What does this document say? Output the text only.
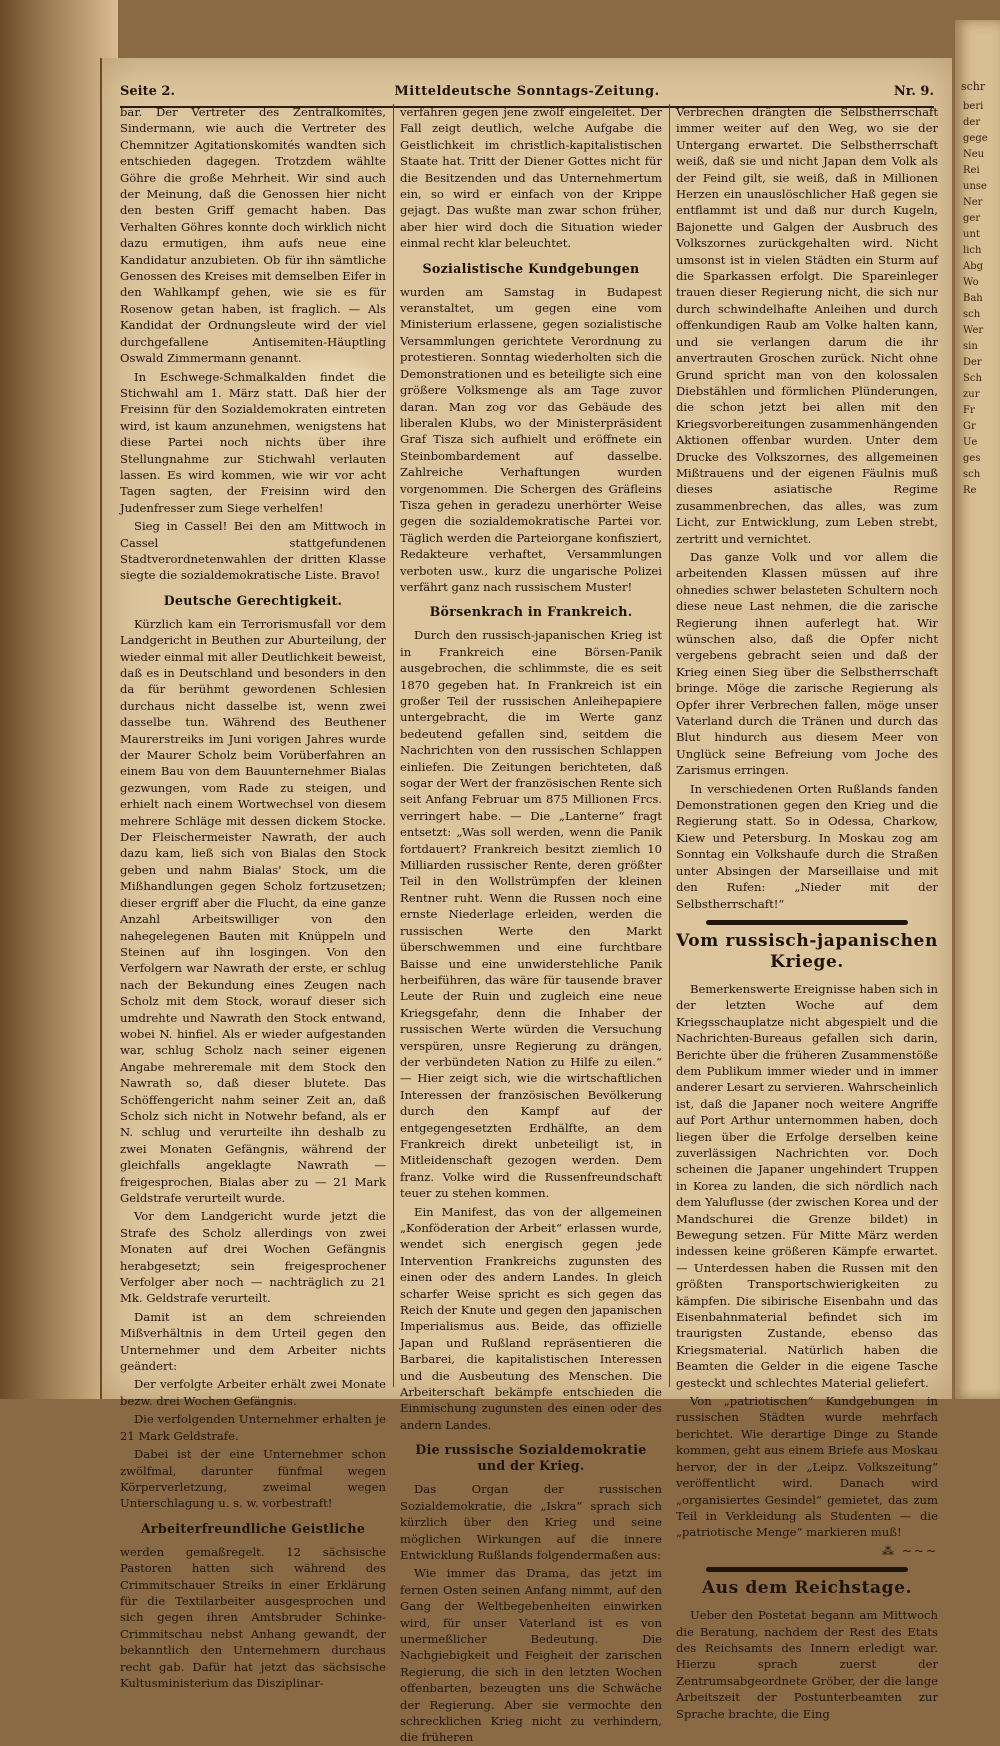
Seite 2.	Mitteldeutsche Sonntags-Zeitung.	Nr. 9.

bar. Der Vertreter des Zentralkomités, Sindermann, wie auch die Vertreter des Chemnitzer Agitationskomités wandten sich entschieden dagegen. Trotzdem wählte Göhre die große Mehrheit. Wir sind auch der Meinung, daß die Genossen hier nicht den besten Griff gemacht haben. Das Verhalten Göhres konnte doch wirklich nicht dazu ermutigen, ihm aufs neue eine Kandidatur anzubieten. Ob für ihn sämtliche Genossen des Kreises mit demselben Eifer in den Wahlkampf gehen, wie sie es für Rosenow getan haben, ist fraglich. — Als Kandidat der Ordnungsleute wird der viel durchgefallene Antisemiten-Häuptling Oswald Zimmermann genannt.

In Eschwege-Schmalkalden findet die Stichwahl am 1. März statt. Daß hier der Freisinn für den Sozialdemokraten eintreten wird, ist kaum anzunehmen, wenigstens hat diese Partei noch nichts über ihre Stellungnahme zur Stichwahl verlauten lassen. Es wird kommen, wie wir vor acht Tagen sagten, der Freisinn wird den Judenfresser zum Siege verhelfen!

Sieg in Cassel! Bei den am Mittwoch in Cassel stattgefundenen Stadtverordnetenwahlen der dritten Klasse siegte die sozialdemokratische Liste. Bravo!

Deutsche Gerechtigkeit.

Kürzlich kam ein Terrorismusfall vor dem Landgericht in Beuthen zur Aburteilung, der wieder einmal mit aller Deutlichkeit beweist, daß es in Deutschland und besonders in den da für berühmt gewordenen Schlesien durchaus nicht dasselbe ist, wenn zwei dasselbe tun. Während des Beuthener Maurerstreiks im Juni vorigen Jahres wurde der Maurer Scholz beim Vorüberfahren an einem Bau von dem Bauunternehmer Bialas gezwungen, vom Rade zu steigen, und erhielt nach einem Wortwechsel von diesem mehrere Schläge mit dessen dickem Stocke. Der Fleischermeister Nawrath, der auch dazu kam, ließ sich von Bialas den Stock geben und nahm Bialas' Stock, um die Mißhandlungen gegen Scholz fortzusetzen; dieser ergriff aber die Flucht, da eine ganze Anzahl Arbeitswilliger von den nahegelegenen Bauten mit Knüppeln und Steinen auf ihn losgingen. Von den Verfolgern war Nawrath der erste, er schlug nach der Bekundung eines Zeugen nach Scholz mit dem Stock, worauf dieser sich umdrehte und Nawrath den Stock entwand, wobei N. hinfiel. Als er wieder aufgestanden war, schlug Scholz nach seiner eigenen Angabe mehreremale mit dem Stock den Nawrath so, daß dieser blutete. Das Schöffengericht nahm seiner Zeit an, daß Scholz sich nicht in Notwehr befand, als er N. schlug und verurteilte ihn deshalb zu zwei Monaten Gefängnis, während der gleichfalls angeklagte Nawrath — freigesprochen, Bialas aber zu — 21 Mark Geldstrafe verurteilt wurde.

Vor dem Landgericht wurde jetzt die Strafe des Scholz allerdings von zwei Monaten auf drei Wochen Gefängnis herabgesetzt; sein freigesprochener Verfolger aber noch — nachträglich zu 21 Mk. Geldstrafe verurteilt.

Damit ist an dem schreienden Mißverhältnis in dem Urteil gegen den Unternehmer und dem Arbeiter nichts geändert:

Der verfolgte Arbeiter erhält zwei Monate bezw. drei Wochen Gefängnis.

Die verfolgenden Unternehmer erhalten je 21 Mark Geldstrafe.

Dabei ist der eine Unternehmer schon zwölfmal, darunter fünfmal wegen Körperverletzung, zweimal wegen Unterschlagung u. s. w. vorbestraft!

Arbeiterfreundliche Geistliche

werden gemaßregelt. 12 sächsische Pastoren hatten sich während des Crimmitschauer Streiks in einer Erklärung für die Textilarbeiter ausgesprochen und sich gegen ihren Amtsbruder Schinke-Crimmitschau nebst Anhang gewandt, der bekanntlich den Unternehmern durchaus recht gab. Dafür hat jetzt das sächsische Kultusministerium das Disziplinar-

verfahren gegen jene zwölf eingeleitet. Der Fall zeigt deutlich, welche Aufgabe die Geistlichkeit im christlich-kapitalistischen Staate hat. Tritt der Diener Gottes nicht für die Besitzenden und das Unternehmertum ein, so wird er einfach von der Krippe gejagt. Das wußte man zwar schon früher, aber hier wird doch die Situation wieder einmal recht klar beleuchtet.

Sozialistische Kundgebungen

wurden am Samstag in Budapest veranstaltet, um gegen eine vom Ministerium erlassene, gegen sozialistische Versammlungen gerichtete Verordnung zu protestieren. Sonntag wiederholten sich die Demonstrationen und es beteiligte sich eine größere Volksmenge als am Tage zuvor daran. Man zog vor das Gebäude des liberalen Klubs, wo der Ministerpräsident Graf Tisza sich aufhielt und eröffnete ein Steinbombardement auf dasselbe. Zahlreiche Verhaftungen wurden vorgenommen. Die Schergen des Gräfleins Tisza gehen in geradezu unerhörter Weise gegen die sozialdemokratische Partei vor. Täglich werden die Parteiorgane konfisziert, Redakteure verhaftet, Versammlungen verboten usw., kurz die ungarische Polizei verfährt ganz nach russischem Muster!

Börsenkrach in Frankreich.

Durch den russisch-japanischen Krieg ist in Frankreich eine Börsen-Panik ausgebrochen, die schlimmste, die es seit 1870 gegeben hat. In Frankreich ist ein großer Teil der russischen Anleihepapiere untergebracht, die im Werte ganz bedeutend gefallen sind, seitdem die Nachrichten von den russischen Schlappen einliefen. Die Zeitungen berichteten, daß sogar der Wert der französischen Rente sich seit Anfang Februar um 875 Millionen Frcs. verringert habe. — Die „Lanterne“ fragt entsetzt: „Was soll werden, wenn die Panik fortdauert? Frankreich besitzt ziemlich 10 Milliarden russischer Rente, deren größter Teil in den Wollstrümpfen der kleinen Rentner ruht. Wenn die Russen noch eine ernste Niederlage erleiden, werden die russischen Werte den Markt überschwemmen und eine furchtbare Baisse und eine unwiderstehliche Panik herbeiführen, das wäre für tausende braver Leute der Ruin und zugleich eine neue Kriegsgefahr, denn die Inhaber der russischen Werte würden die Versuchung verspüren, unsre Regierung zu drängen, der verbündeten Nation zu Hilfe zu eilen.“ — Hier zeigt sich, wie die wirtschaftlichen Interessen der französischen Bevölkerung durch den Kampf auf der entgegengesetzten Erdhälfte, an dem Frankreich direkt unbeteiligt ist, in Mitleidenschaft gezogen werden. Dem franz. Volke wird die Russenfreundschaft teuer zu stehen kommen.

Ein Manifest, das von der allgemeinen „Konföderation der Arbeit“ erlassen wurde, wendet sich energisch gegen jede Intervention Frankreichs zugunsten des einen oder des andern Landes. In gleich scharfer Weise spricht es sich gegen das Reich der Knute und gegen den japanischen Imperialismus aus. Beide, das offizielle Japan und Rußland repräsentieren die Barbarei, die kapitalistischen Interessen und die Ausbeutung des Menschen. Die Arbeiterschaft bekämpfe entschieden die Einmischung zugunsten des einen oder des andern Landes.

Die russische Sozialdemokratie und der Krieg.

Das Organ der russischen Sozialdemokratie, die „Iskra“ sprach sich kürzlich über den Krieg und seine möglichen Wirkungen auf die innere Entwicklung Rußlands folgendermaßen aus:

Wie immer das Drama, das jetzt im fernen Osten seinen Anfang nimmt, auf den Gang der Weltbegebenheiten einwirken wird, für unser Vaterland ist es von unermeßlicher Bedeutung. Die Nachgiebigkeit und Feigheit der zarischen Regierung, die sich in den letzten Wochen offenbarten, bezeugten uns die Schwäche der Regierung. Aber sie vermochte den schrecklichen Krieg nicht zu verhindern, die früheren

Verbrechen drängten die Selbstherrschaft immer weiter auf den Weg, wo sie der Untergang erwartet. Die Selbstherrschaft weiß, daß sie und nicht Japan dem Volk als der Feind gilt, sie weiß, daß in Millionen Herzen ein unauslöschlicher Haß gegen sie entflammt ist und daß nur durch Kugeln, Bajonette und Galgen der Ausbruch des Volkszornes zurückgehalten wird. Nicht umsonst ist in vielen Städten ein Sturm auf die Sparkassen erfolgt. Die Spareinleger trauen dieser Regierung nicht, die sich nur durch schwindelhafte Anleihen und durch offenkundigen Raub am Volke halten kann, und sie verlangen darum die ihr anvertrauten Groschen zurück. Nicht ohne Grund spricht man von den kolossalen Diebstählen und förmlichen Plünderungen, die schon jetzt bei allen mit den Kriegsvorbereitungen zusammenhängenden Aktionen offenbar wurden. Unter dem Drucke des Volkszornes, des allgemeinen Mißtrauens und der eigenen Fäulnis muß dieses asiatische Regime zusammenbrechen, das alles, was zum Licht, zur Entwicklung, zum Leben strebt, zertritt und vernichtet.

Das ganze Volk und vor allem die arbeitenden Klassen müssen auf ihre ohnedies schwer belasteten Schultern noch diese neue Last nehmen, die die zarische Regierung ihnen auferlegt hat. Wir wünschen also, daß die Opfer nicht vergebens gebracht seien und daß der Krieg einen Sieg über die Selbstherrschaft bringe. Möge die zarische Regierung als Opfer ihrer Verbrechen fallen, möge unser Vaterland durch die Tränen und durch das Blut hindurch aus diesem Meer von Unglück seine Befreiung vom Joche des Zarismus erringen.

In verschiedenen Orten Rußlands fanden Demonstrationen gegen den Krieg und die Regierung statt. So in Odessa, Charkow, Kiew und Petersburg. In Moskau zog am Sonntag ein Volkshaufe durch die Straßen unter Absingen der Marseillaise und mit den Rufen: „Nieder mit der Selbstherrschaft!“

Vom russisch-japanischen Kriege.

Bemerkenswerte Ereignisse haben sich in der letzten Woche auf dem Kriegsschauplatze nicht abgespielt und die Nachrichten-Bureaus gefallen sich darin, Berichte über die früheren Zusammenstöße dem Publikum immer wieder und in immer anderer Lesart zu servieren. Wahrscheinlich ist, daß die Japaner noch weitere Angriffe auf Port Arthur unternommen haben, doch liegen über die Erfolge derselben keine zuverlässigen Nachrichten vor. Doch scheinen die Japaner ungehindert Truppen in Korea zu landen, die sich nördlich nach dem Yaluflusse (der zwischen Korea und der Mandschurei die Grenze bildet) in Bewegung setzen. Für Mitte März werden indessen keine größeren Kämpfe erwartet. — Unterdessen haben die Russen mit den größten Transportschwierigkeiten zu kämpfen. Die sibirische Eisenbahn und das Eisenbahnmaterial befindet sich im traurigsten Zustande, ebenso das Kriegsmaterial. Natürlich haben die Beamten die Gelder in die eigene Tasche gesteckt und schlechtes Material geliefert.

Von „patriotischen“ Kundgebungen in russischen Städten wurde mehrfach berichtet. Wie derartige Dinge zu Stande kommen, geht aus einem Briefe aus Moskau hervor, der in der „Leipz. Volkszeitung“ veröffentlicht wird. Danach wird „organisiertes Gesindel“ gemietet, das zum Teil in Verkleidung als Studenten — die „patriotische Menge“ markieren muß!

⁂ ~~~
Aus dem Reichstage.

Ueber den Postetat begann am Mittwoch die Beratung, nachdem der Rest des Etats des Reichsamts des Innern erledigt war. Hierzu sprach zuerst der Zentrumsabgeordnete Gröber, der die lange Arbeitszeit der Postunterbeamten zur Sprache brachte, die Eing

schr
beri
der
gege
Neu
Rei
unse
Ner
ger
unt
lich
Abg
Wo
Bah
sch
Wer
sin
Der
Sch
zur
Fr
Gr
Ue
ges
sch
Re
